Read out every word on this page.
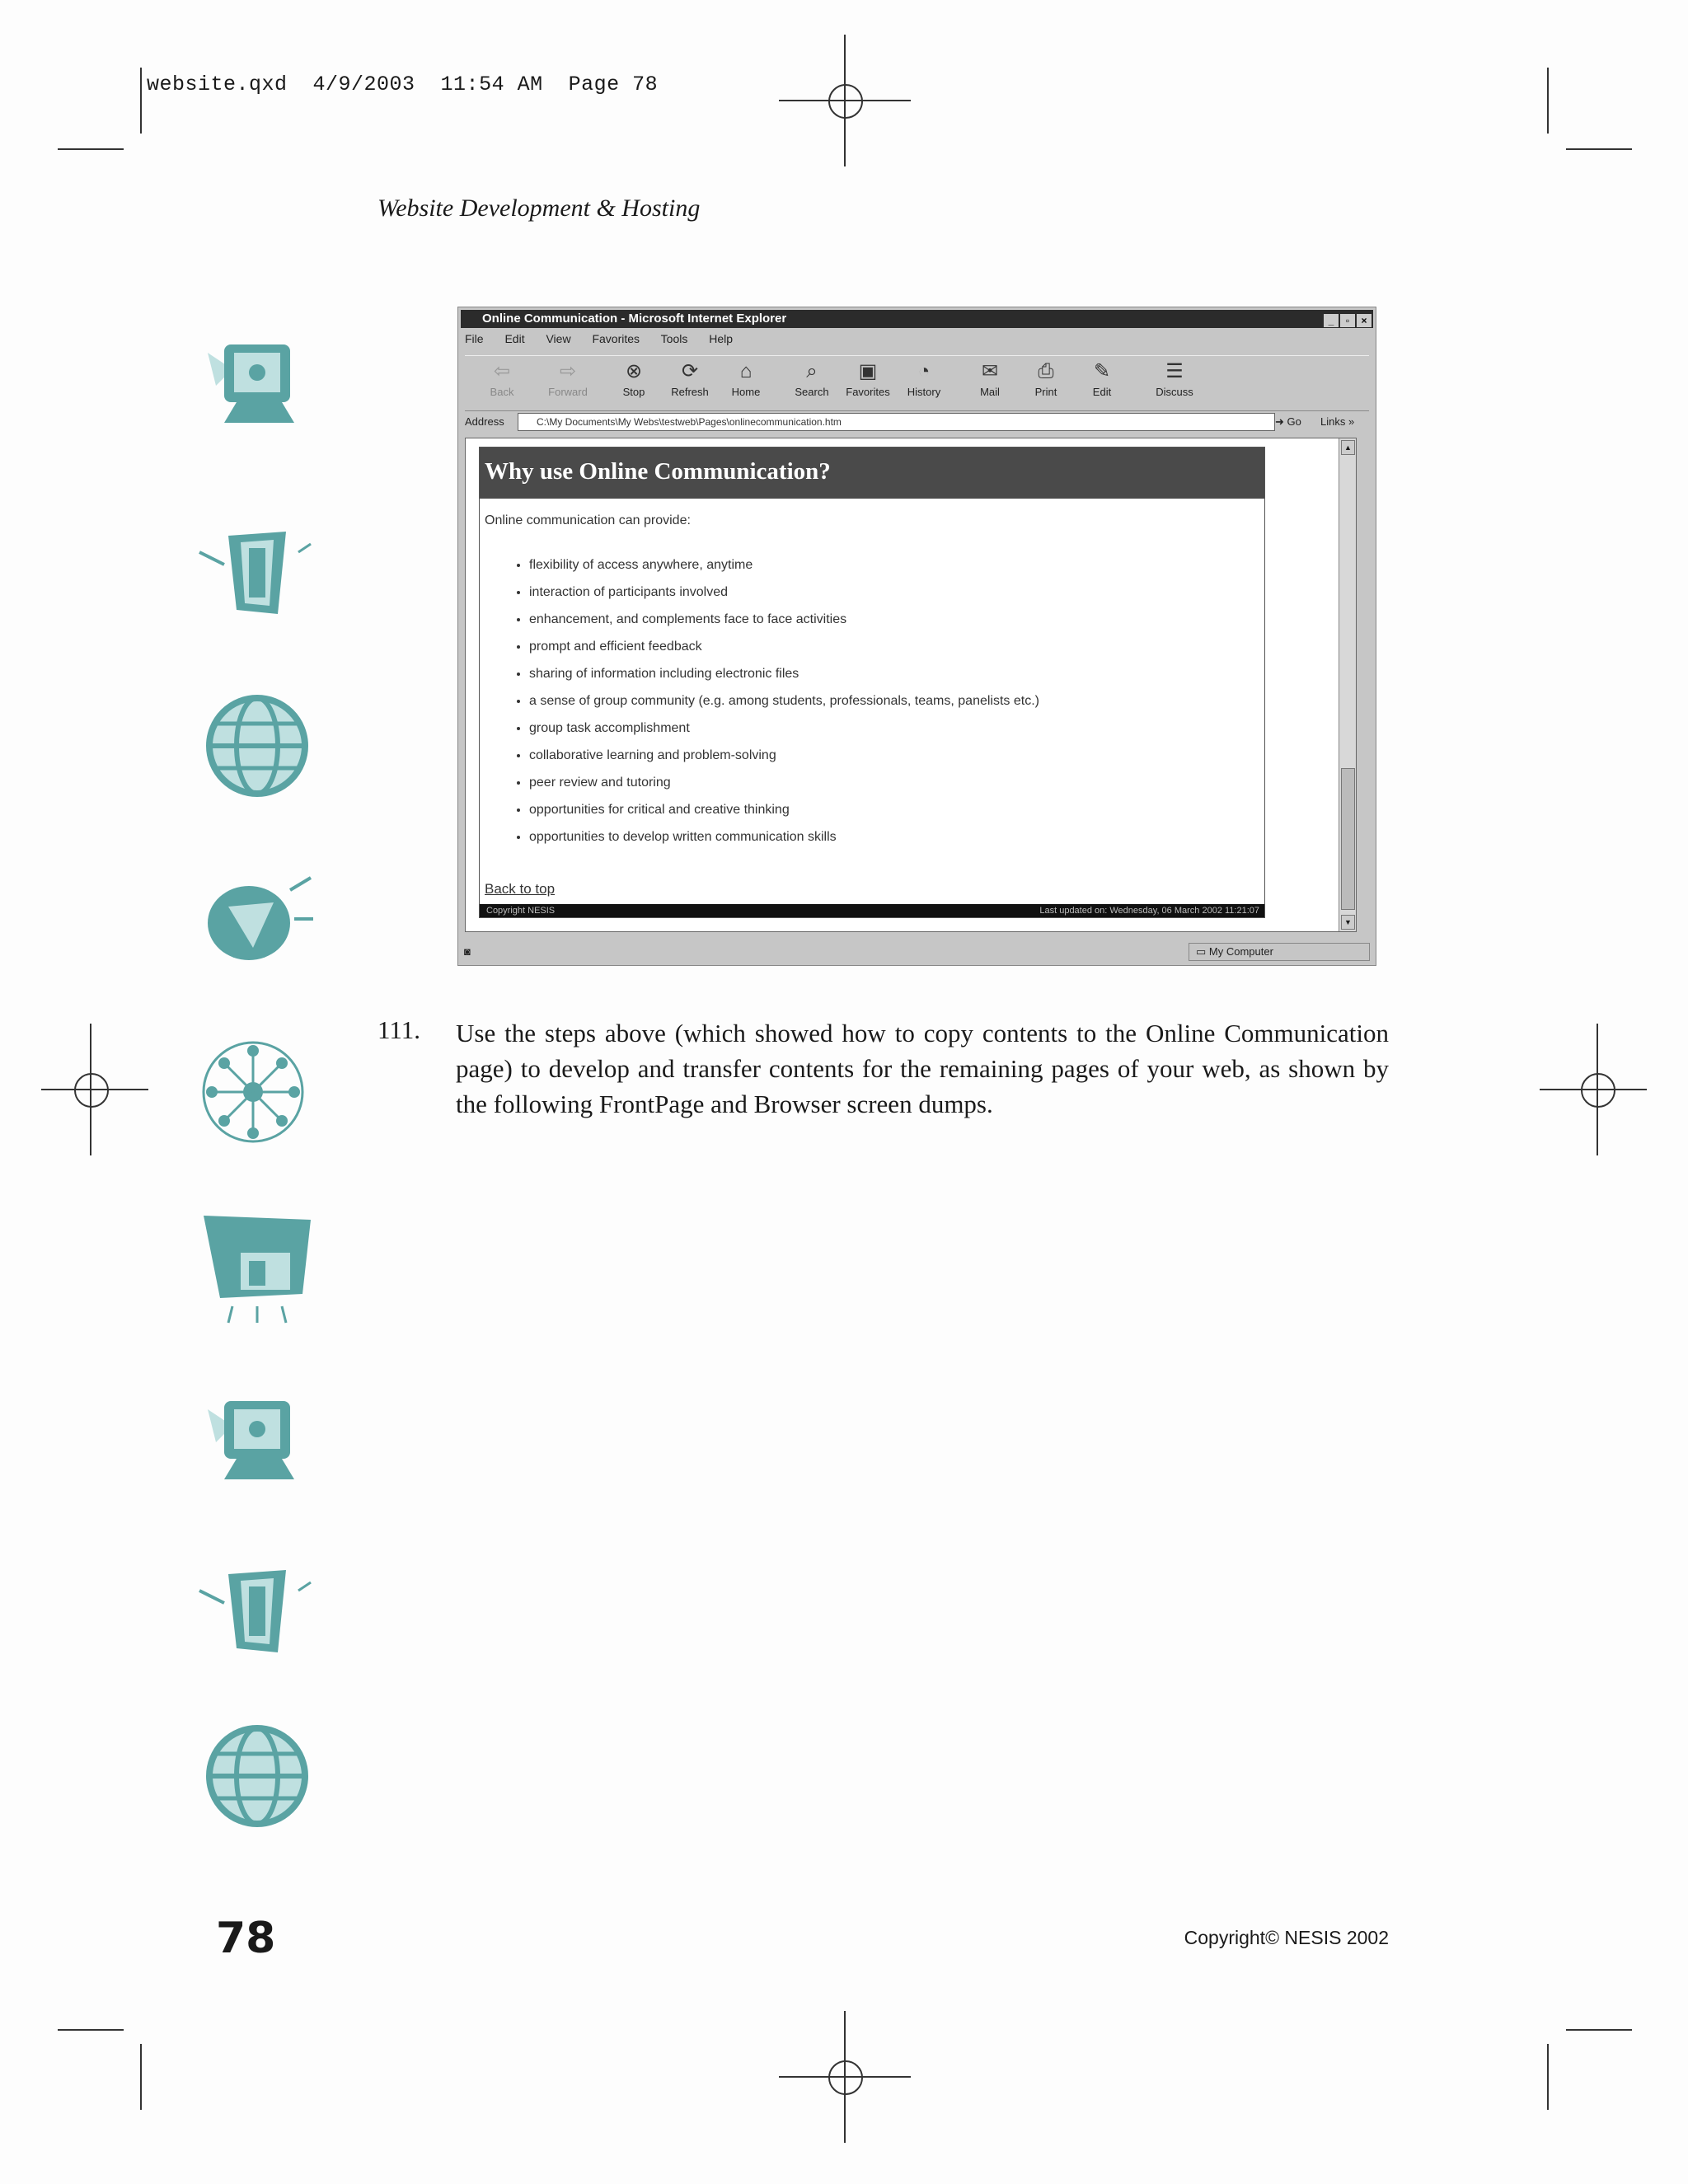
website.qxd  4/9/2003  11:54 AM  Page 78
Website Development & Hosting
Online Communication - Microsoft Internet Explorer	_ ▫ ×
File Edit View Favorites Tools Help
⇦
Back
⇨
Forward
⊗
Stop
⟳
Refresh
⌂
Home
⌕
Search
▣
Favorites
◔
History
✉
Mail
⎙
Print
✎
Edit
☰
Discuss
Address	C:\My Documents\My Webs\testweb\Pages\onlinecommunication.htm	➜ Go Links »
Why use Online Communication?
Online communication can provide:
• flexibility of access anywhere, anytime
• interaction of participants involved
• enhancement, and complements face to face activities
• prompt and efficient feedback
• sharing of information including electronic files
• a sense of group community (e.g. among students, professionals, teams, panelists etc.)
• group task accomplishment
• collaborative learning and problem-solving
• peer review and tutoring
• opportunities for critical and creative thinking
• opportunities to develop written communication skills
Back to top
Copyright NESIS	Last updated on: Wednesday, 06 March 2002 11:21:07
▲
▼
◙	▭ My Computer
111. Use the steps above (which showed how to copy contents to the Online Communication page) to develop and transfer contents for the remaining pages of your web, as shown by the following FrontPage and Browser screen dumps.
78	Copyright© NESIS 2002
